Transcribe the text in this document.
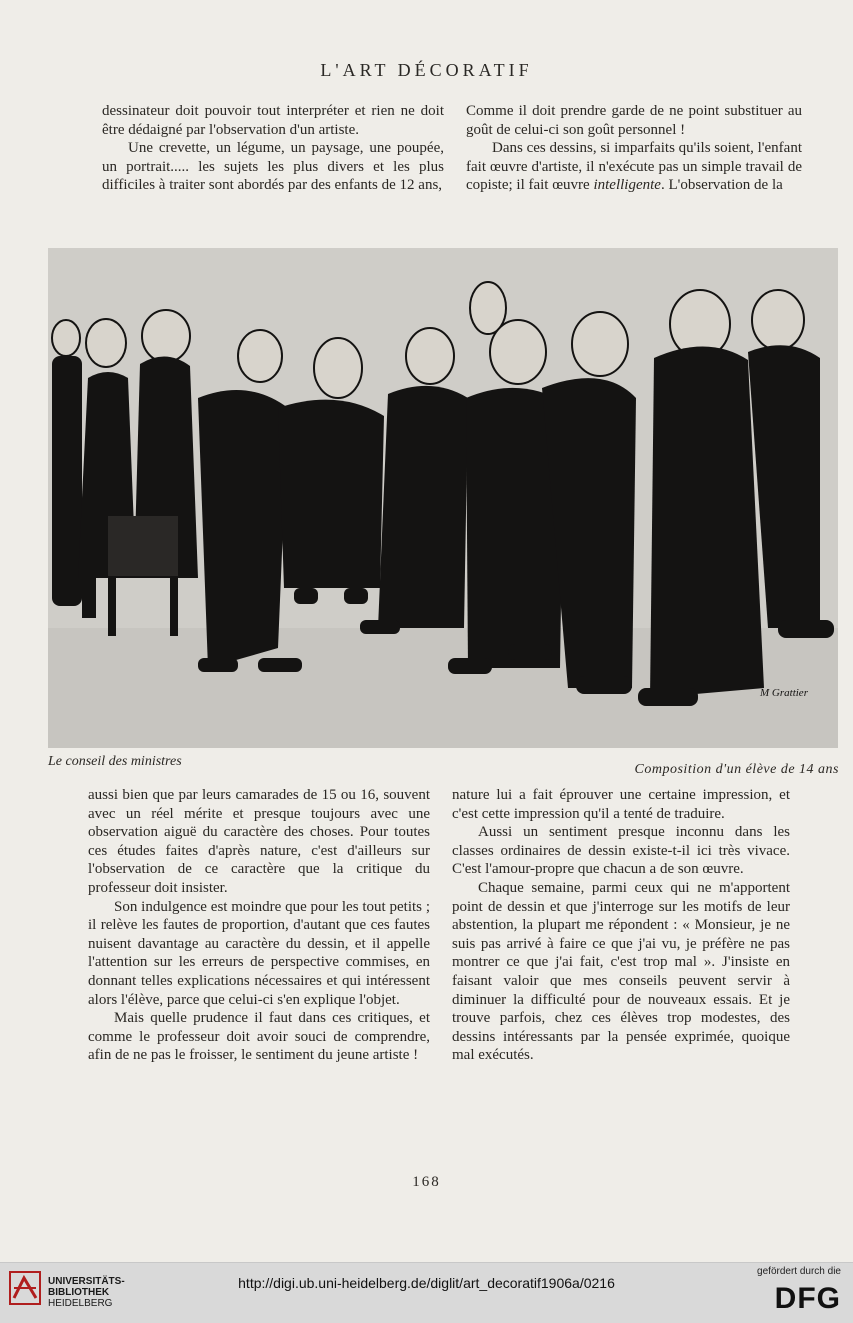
L'ART DÉCORATIF

dessinateur doit pouvoir tout interpréter et rien ne doit être dédaigné par l'observation d'un artiste.

Une crevette, un légume, un paysage, une poupée, un portrait..... les sujets les plus divers et les plus difficiles à traiter sont abordés par des enfants de 12 ans,

Comme il doit prendre garde de ne point substituer au goût de celui-ci son goût personnel !

Dans ces dessins, si imparfaits qu'ils soient, l'enfant fait œuvre d'artiste, il n'exécute pas un simple travail de copiste; il fait œuvre intelligente. L'observation de la

M Grattier
Le conseil des ministres
Composition d'un élève de 14 ans

aussi bien que par leurs camarades de 15 ou 16, souvent avec un réel mérite et presque toujours avec une observation aiguë du caractère des choses. Pour toutes ces études faites d'après nature, c'est d'ailleurs sur l'observation de ce caractère que la critique du professeur doit insister.

Son indulgence est moindre que pour les tout petits ; il relève les fautes de proportion, d'autant que ces fautes nuisent davantage au caractère du dessin, et il appelle l'attention sur les erreurs de perspective commises, en donnant telles explications nécessaires et qui intéressent alors l'élève, parce que celui-ci s'en explique l'objet.

Mais quelle prudence il faut dans ces critiques, et comme le professeur doit avoir souci de comprendre, afin de ne pas le froisser, le sentiment du jeune artiste !

nature lui a fait éprouver une certaine impression, et c'est cette impression qu'il a tenté de traduire.

Aussi un sentiment presque inconnu dans les classes ordinaires de dessin existe-t-il ici très vivace. C'est l'amour-propre que chacun a de son œuvre.

Chaque semaine, parmi ceux qui ne m'apportent point de dessin et que j'interroge sur les motifs de leur abstention, la plupart me répondent : « Monsieur, je ne suis pas arrivé à faire ce que j'ai vu, je préfère ne pas montrer ce que j'ai fait, c'est trop mal ». J'insiste en faisant valoir que mes conseils peuvent servir à diminuer la difficulté pour de nouveaux essais. Et je trouve parfois, chez ces élèves trop modestes, des dessins intéressants par la pensée exprimée, quoique mal exécutés.

168
UNIVERSITÄTS-
BIBLIOTHEK
HEIDELBERG
http://digi.ub.uni-heidelberg.de/diglit/art_decoratif1906a/0216
gefördert durch die
DFG
